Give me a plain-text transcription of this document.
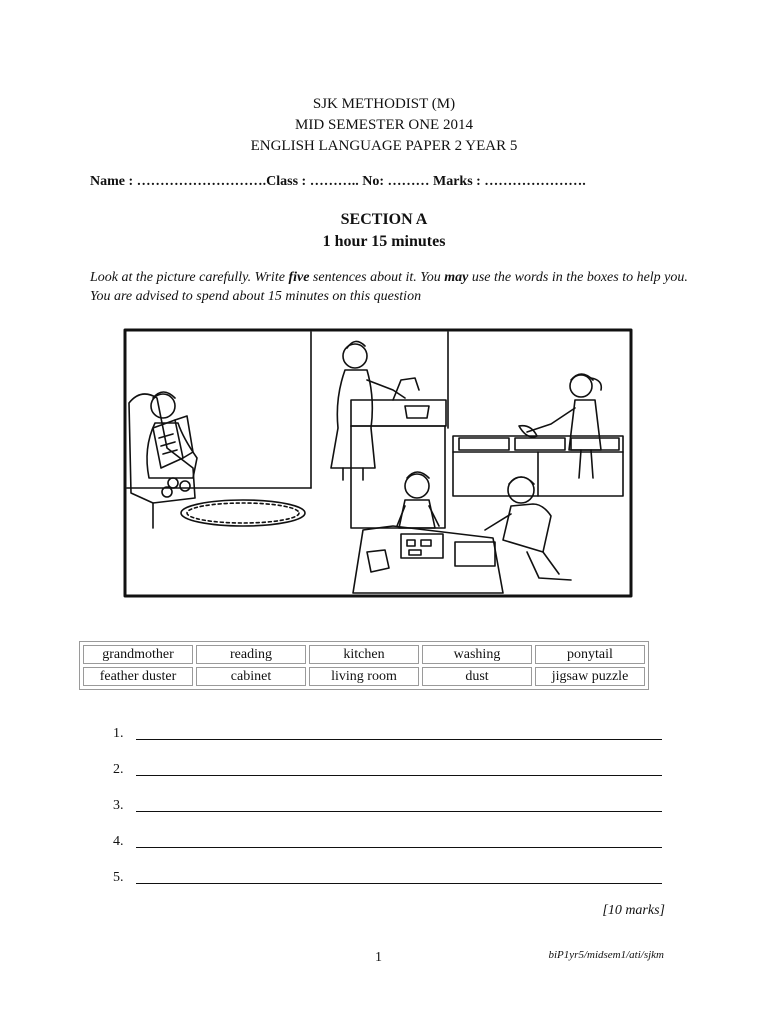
SJK METHODIST (M)
MID SEMESTER ONE 2014
ENGLISH LANGUAGE PAPER 2 YEAR 5
Name : ……………………….Class : ……….. No: ……… Marks : ………………….
SECTION A
1 hour 15 minutes
Look at the picture carefully. Write five sentences about it. You may use the words in the boxes to help you. You are advised to spend about 15 minutes on this question
grandmother	reading	kitchen	washing	ponytail
feather duster	cabinet	living room	dust	jigsaw puzzle
1.
2.
3.
4.
5.
[10 marks]
1	biP1yr5/midsem1/ati/sjkm
